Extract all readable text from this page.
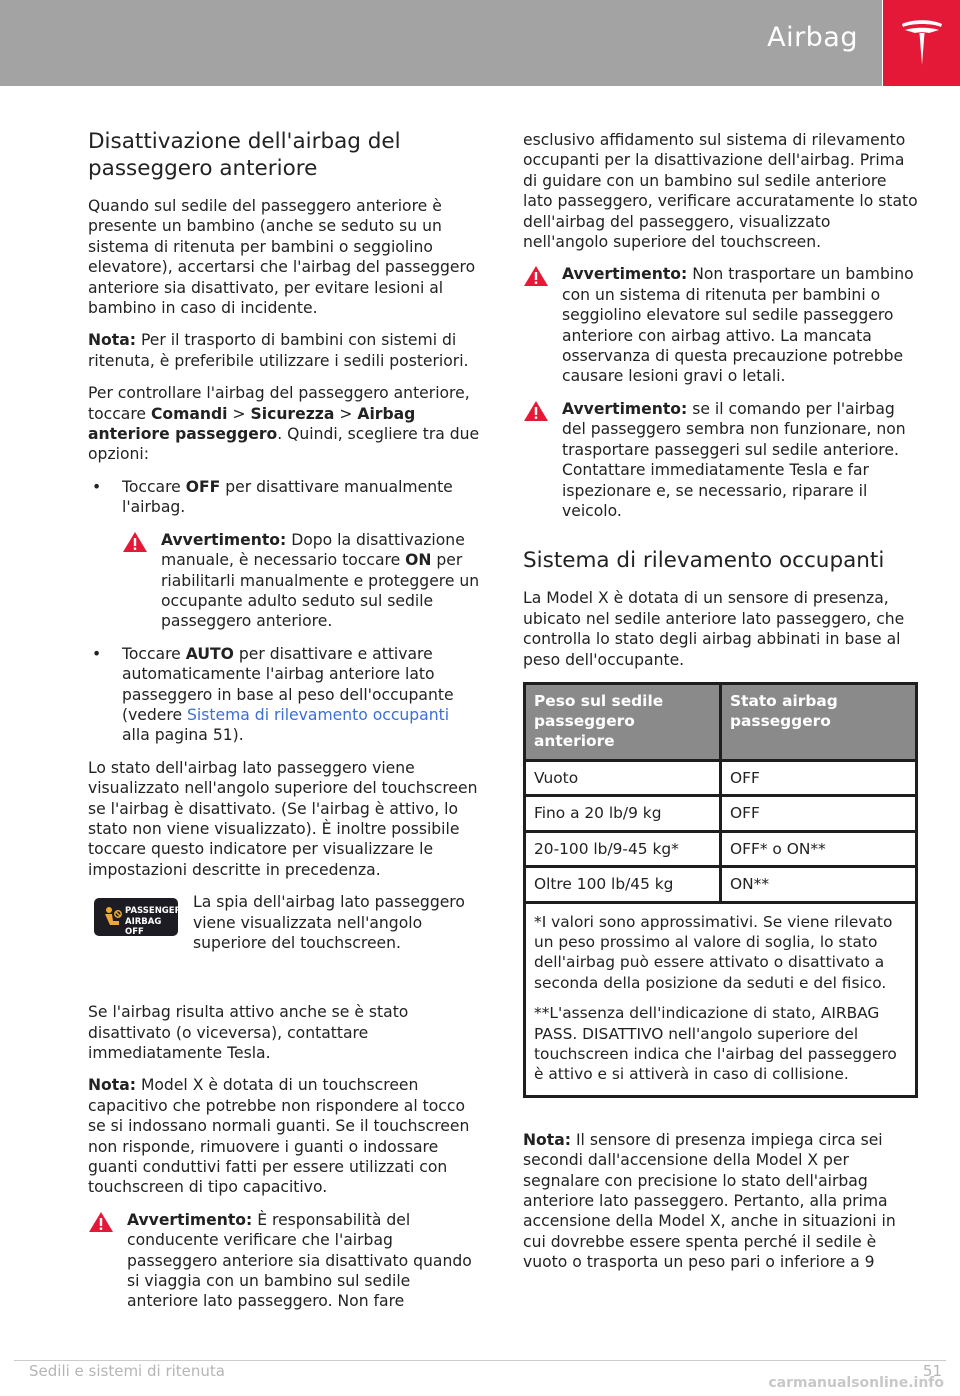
Airbag
Disattivazione dell'airbag del passeggero anteriore

Quando sul sedile del passeggero anteriore è presente un bambino (anche se seduto su un sistema di ritenuta per bambini o seggiolino elevatore), accertarsi che l'airbag del passeggero anteriore sia disattivato, per evitare lesioni al bambino in caso di incidente.

Nota: Per il trasporto di bambini con sistemi di ritenuta, è preferibile utilizzare i sedili posteriori.

Per controllare l'airbag del passeggero anteriore, toccare Comandi > Sicurezza > Airbag anteriore passeggero. Quindi, scegliere tra due opzioni:

• Toccare OFF per disattivare manualmente l'airbag.
Avvertimento: Dopo la disattivazione manuale, è necessario toccare ON per riabilitarli manualmente e proteggere un occupante adulto seduto sul sedile passeggero anteriore.
• Toccare AUTO per disattivare e attivare automaticamente l'airbag anteriore lato passeggero in base al peso dell'occupante (vedere Sistema di rilevamento occupanti alla pagina 51).

Lo stato dell'airbag lato passeggero viene visualizzato nell'angolo superiore del touchscreen se l'airbag è disattivato. (Se l'airbag è attivo, lo stato non viene visualizzato). È inoltre possibile toccare questo indicatore per visualizzare le impostazioni descritte in precedenza.

PASSENGER
AIRBAG OFF
La spia dell'airbag lato passeggero viene visualizzata nell'angolo superiore del touchscreen.

Se l'airbag risulta attivo anche se è stato disattivato (o viceversa), contattare immediatamente Tesla.

Nota: Model X è dotata di un touchscreen capacitivo che potrebbe non rispondere al tocco se si indossano normali guanti. Se il touchscreen non risponde, rimuovere i guanti o indossare guanti conduttivi fatti per essere utilizzati con touchscreen di tipo capacitivo.

Avvertimento: È responsabilità del conducente verificare che l'airbag passeggero anteriore sia disattivato quando si viaggia con un bambino sul sedile anteriore lato passeggero. Non fare

esclusivo affidamento sul sistema di rilevamento occupanti per la disattivazione dell'airbag. Prima di guidare con un bambino sul sedile anteriore lato passeggero, verificare accuratamente lo stato dell'airbag del passeggero, visualizzato nell'angolo superiore del touchscreen.

Avvertimento: Non trasportare un bambino con un sistema di ritenuta per bambini o seggiolino elevatore sul sedile passeggero anteriore con airbag attivo. La mancata osservanza di questa precauzione potrebbe causare lesioni gravi o letali.
Avvertimento: se il comando per l'airbag del passeggero sembra non funzionare, non trasportare passeggeri sul sedile anteriore. Contattare immediatamente Tesla e far ispezionare e, se necessario, riparare il veicolo.
Sistema di rilevamento occupanti

La Model X è dotata di un sensore di presenza, ubicato nel sedile anteriore lato passeggero, che controlla lo stato degli airbag abbinati in base al peso dell'occupante.

Peso sul sedile passeggero anteriore	Stato airbag passeggero
Vuoto	OFF
Fino a 20 lb/9 kg	OFF
20-100 lb/9-45 kg*	OFF* o ON**
Oltre 100 lb/45 kg	ON**

*I valori sono approssimativi. Se viene rilevato un peso prossimo al valore di soglia, lo stato dell'airbag può essere attivato o disattivato a seconda della posizione da seduti e del fisico.

**L'assenza dell'indicazione di stato, AIRBAG PASS. DISATTIVO nell'angolo superiore del touchscreen indica che l'airbag del passeggero è attivo e si attiverà in caso di collisione.	

Nota: Il sensore di presenza impiega circa sei secondi dall'accensione della Model X per segnalare con precisione lo stato dell'airbag anteriore lato passeggero. Pertanto, alla prima accensione della Model X, anche in situazioni in cui dovrebbe essere spenta perché il sedile è vuoto o trasporta un peso pari o inferiore a 9

Sedili e sistemi di ritenuta	51
carmanualsonline.info
